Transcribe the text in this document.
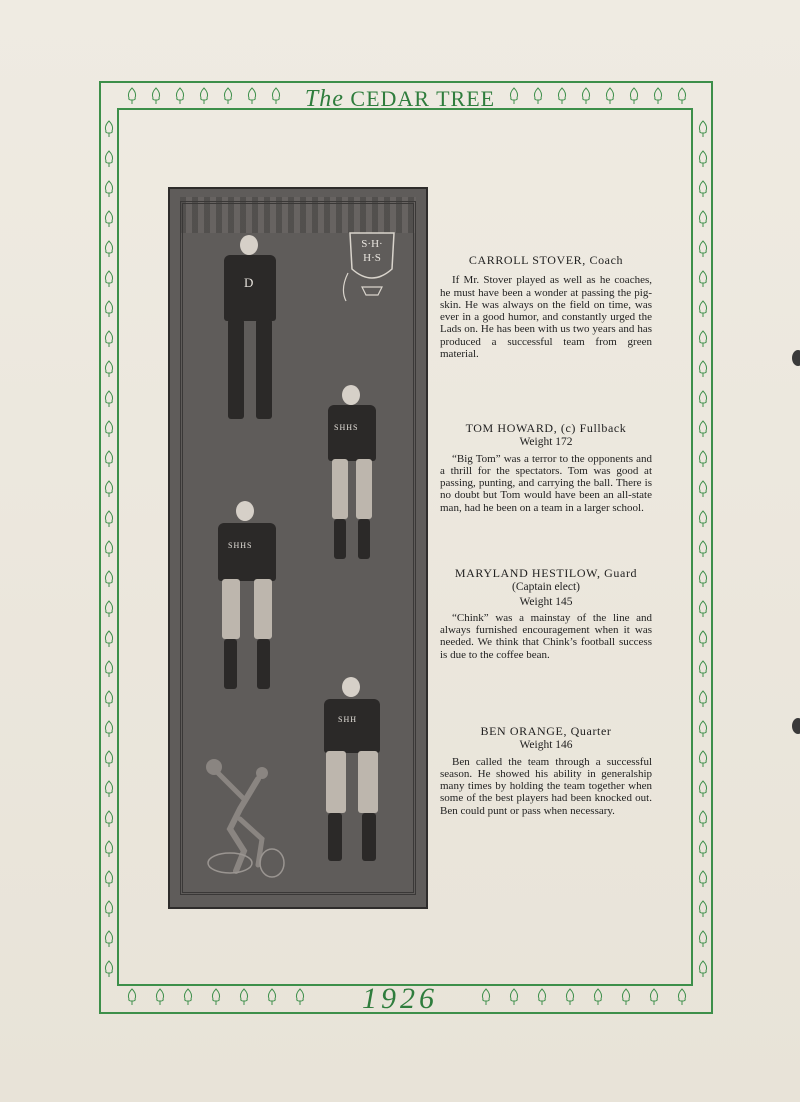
The CEDAR TREE
1926
S·H·
H·S
D
SHHS
SHHS
SHH

CARROLL STOVER, Coach

If Mr. Stover played as well as he coaches, he must have been a wonder at passing the pig-skin. He was always on the field on time, was ever in a good humor, and constantly urged the Lads on. He has been with us two years and has produced a successful team from green material.

TOM HOWARD, (c) Fullback

Weight 172

“Big Tom” was a terror to the opponents and a thrill for the spectators. Tom was good at passing, punting, and carrying the ball. There is no doubt but Tom would have been an all-state man, had he been on a team in a larger school.

MARYLAND HESTILOW, Guard

(Captain elect)

Weight 145

“Chink” was a mainstay of the line and always furnished encouragement when it was needed. We think that Chink’s football success is due to the coffee bean.

BEN ORANGE, Quarter

Weight 146

Ben called the team through a successful season. He showed his ability in generalship many times by holding the team together when some of the best players had been knocked out. Ben could punt or pass when necessary.
